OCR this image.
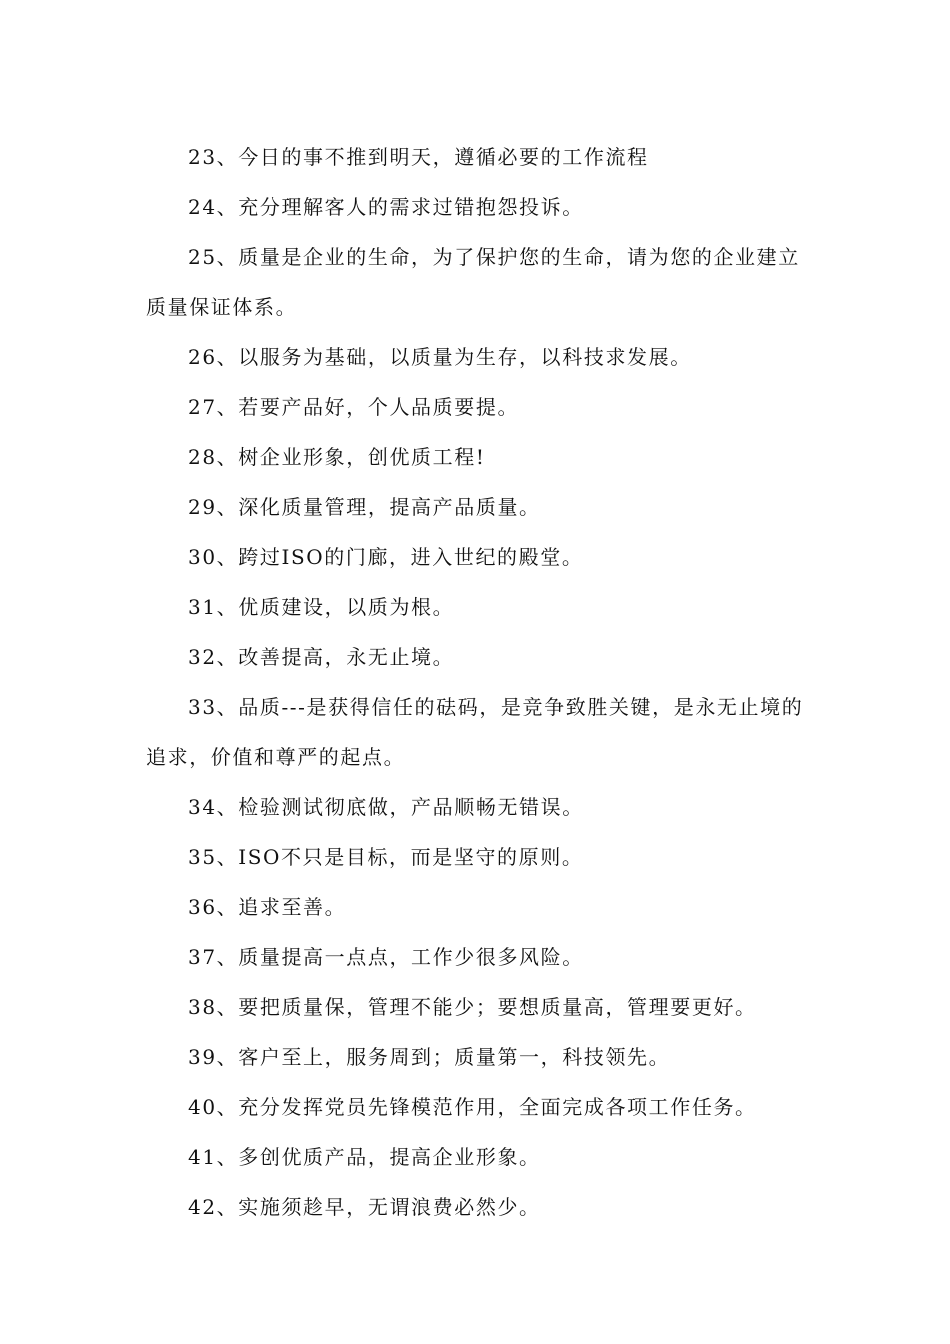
23、今日的事不推到明天，遵循必要的工作流程

24、充分理解客人的需求过错抱怨投诉。

25、质量是企业的生命，为了保护您的生命，请为您的企业建立质量保证体系。

26、以服务为基础，以质量为生存，以科技求发展。

27、若要产品好，个人品质要提。

28、树企业形象，创优质工程!

29、深化质量管理，提高产品质量。

30、跨过ISO的门廊，进入世纪的殿堂。

31、优质建设，以质为根。

32、改善提高，永无止境。

33、品质---是获得信任的砝码，是竞争致胜关键，是永无止境的追求，价值和尊严的起点。

34、检验测试彻底做，产品顺畅无错误。

35、ISO不只是目标，而是坚守的原则。

36、追求至善。

37、质量提高一点点，工作少很多风险。

38、要把质量保，管理不能少；要想质量高，管理要更好。

39、客户至上，服务周到；质量第一，科技领先。

40、充分发挥党员先锋模范作用，全面完成各项工作任务。

41、多创优质产品，提高企业形象。

42、实施须趁早，无谓浪费必然少。
